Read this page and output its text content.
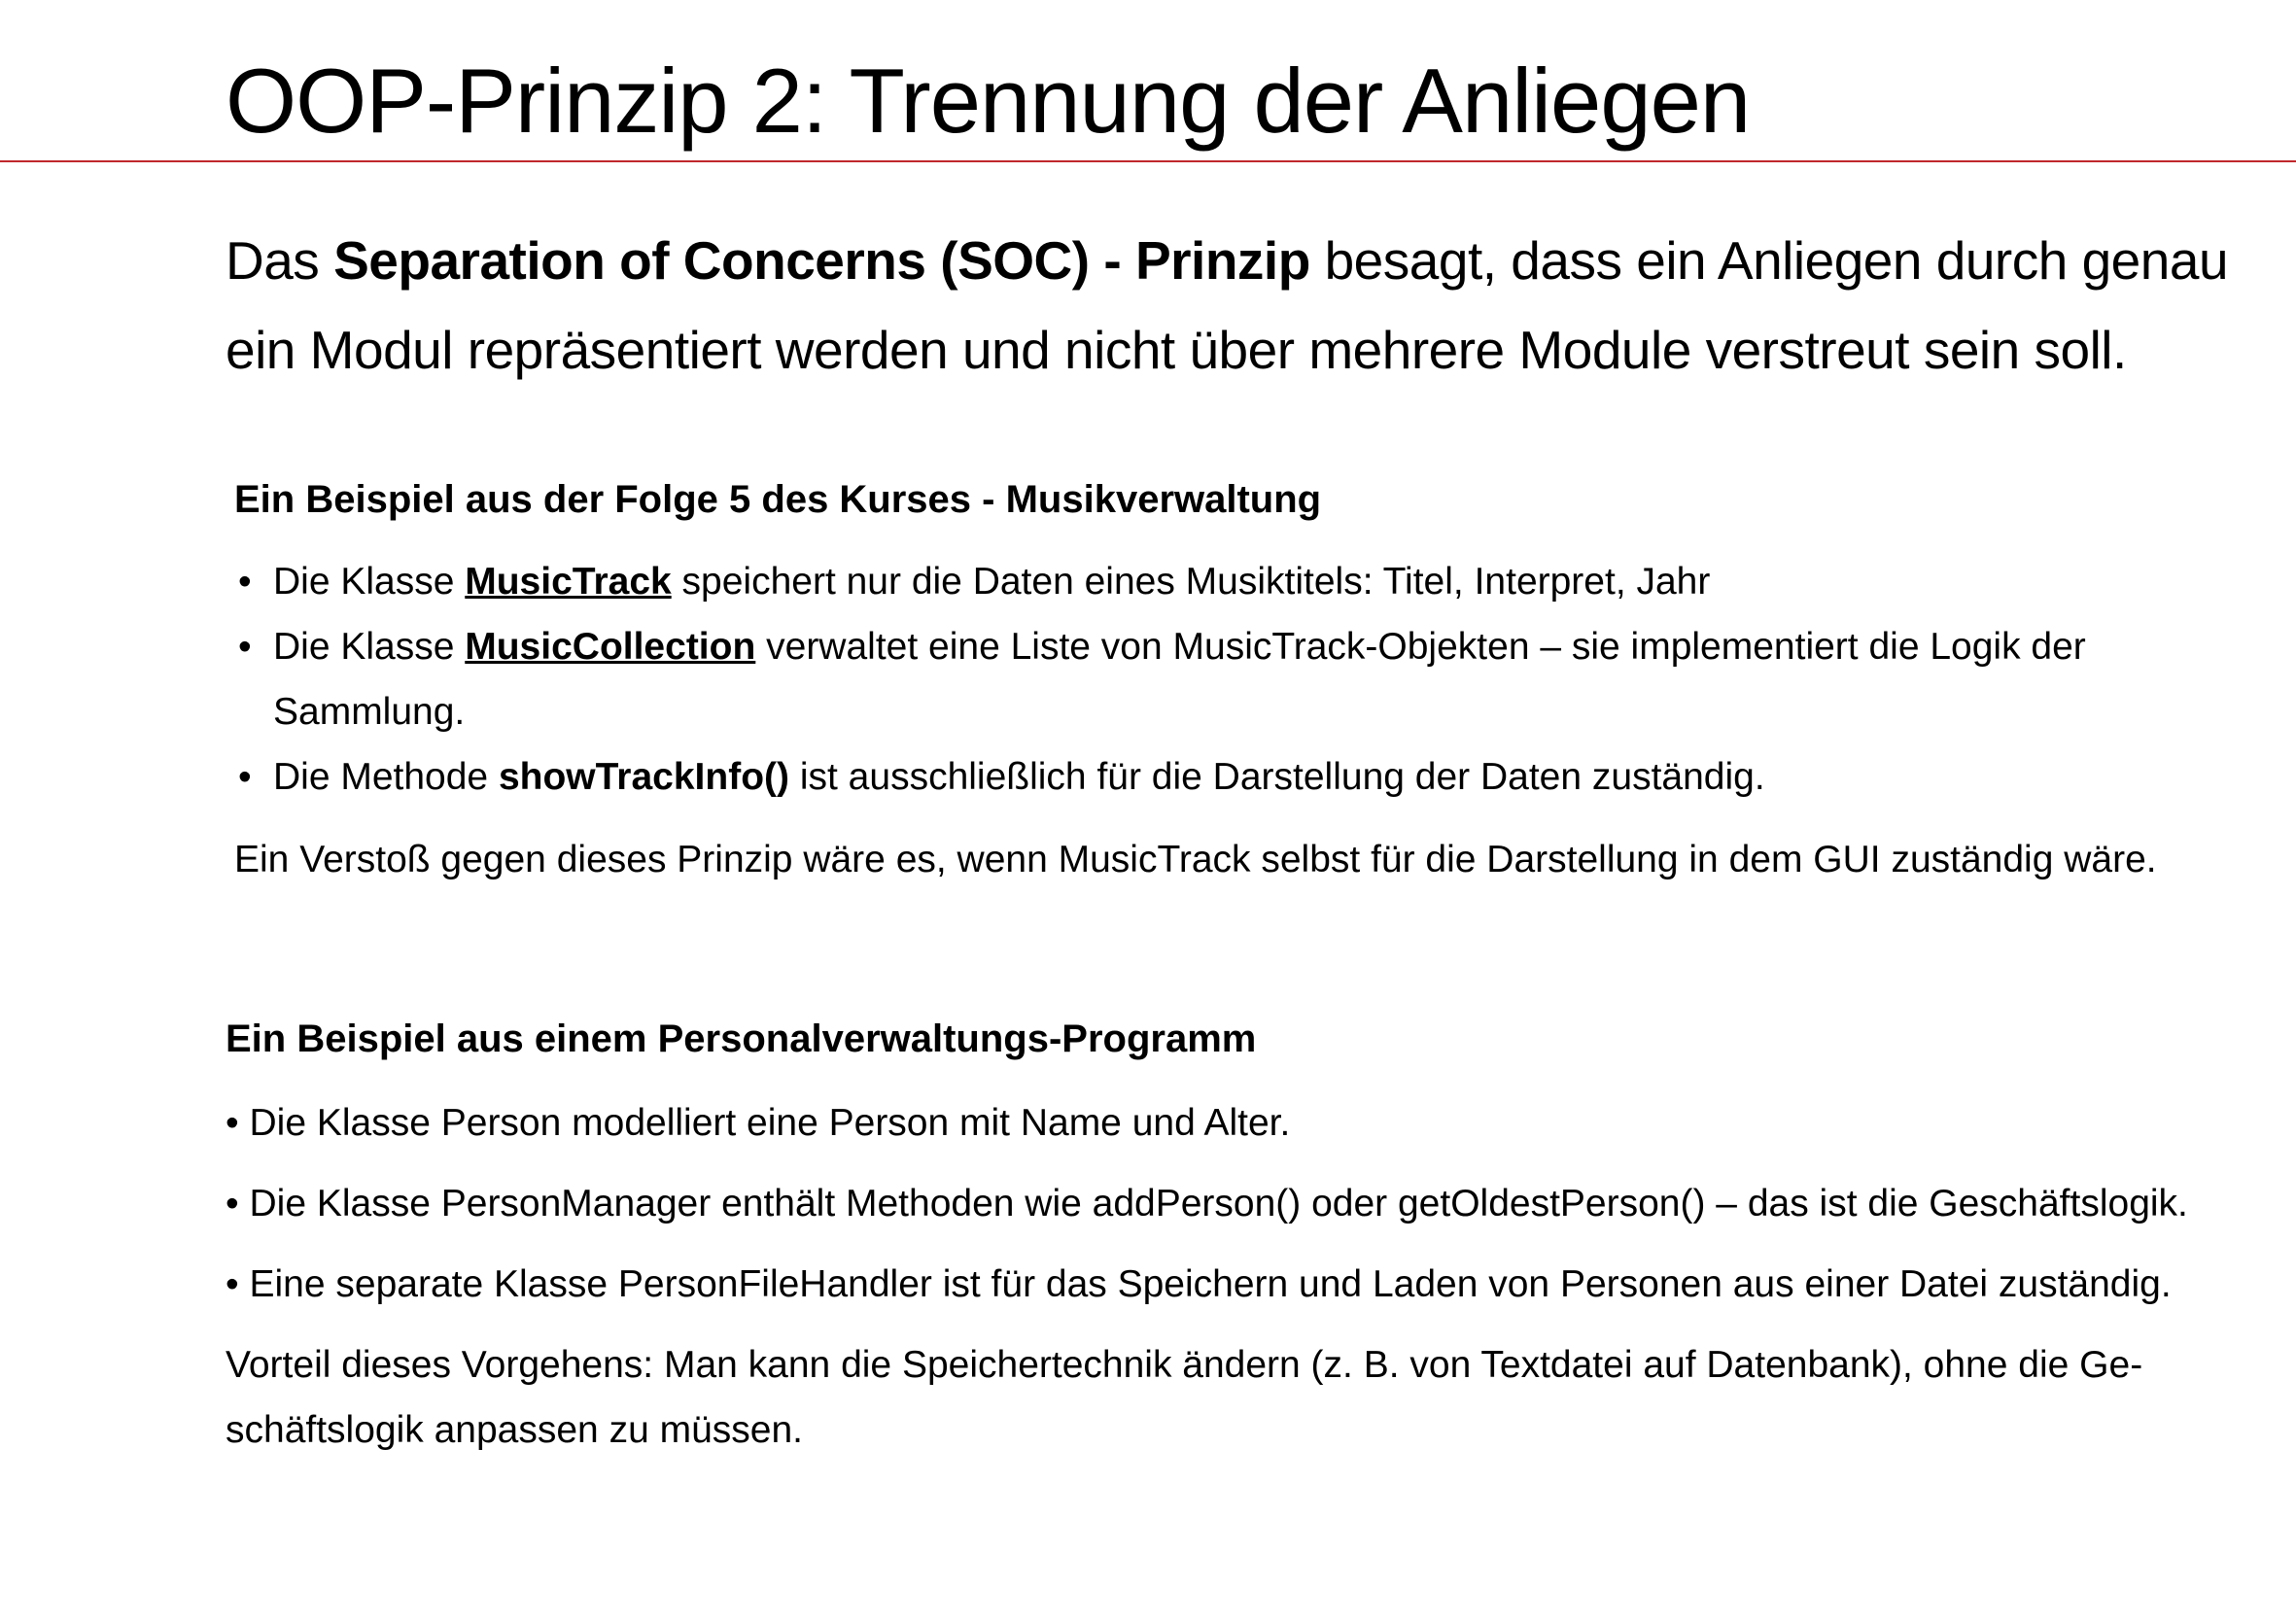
OOP-Prinzip 2: Trennung der Anliegen

Das Separation of Concerns (SOC) - Prinzip besagt, dass ein Anliegen durch genau ein Modul repräsentiert werden und nicht über mehrere Module verstreut sein soll.

Ein Beispiel aus der Folge 5 des Kurses - Musikverwaltung
• Die Klasse MusicTrack speichert nur die Daten eines Musiktitels: Titel, Interpret, Jahr
• Die Klasse MusicCollection verwaltet eine Liste von MusicTrack-Objekten – sie implementiert die Logik der Sammlung.
• Die Methode showTrackInfo() ist ausschließlich für die Darstellung der Daten zuständig.

Ein Verstoß gegen dieses Prinzip wäre es, wenn MusicTrack selbst für die Darstellung in dem GUI zuständig wäre.

Ein Beispiel aus einem Personalverwaltungs-Programm

• Die Klasse Person modelliert eine Person mit Name und Alter.

• Die Klasse PersonManager enthält Methoden wie addPerson() oder getOldestPerson() – das ist die Geschäftslogik.

• Eine separate Klasse PersonFileHandler ist für das Speichern und Laden von Personen aus einer Datei zuständig.

Vorteil dieses Vorgehens: Man kann die Speichertechnik ändern (z. B. von Textdatei auf Datenbank), ohne die Geschäftslogik anpassen zu müssen.
